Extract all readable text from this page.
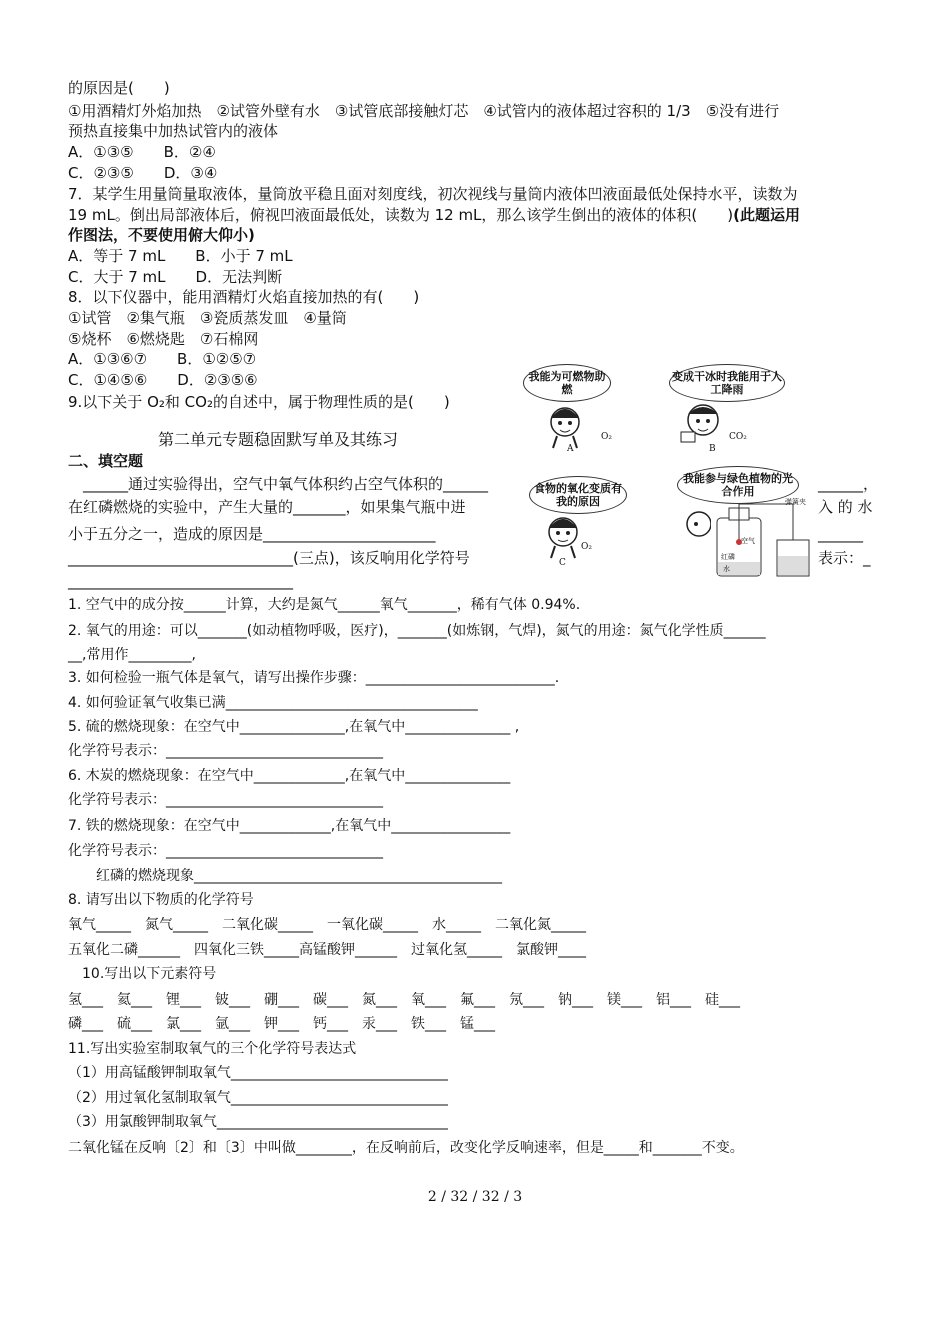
的原因是(　　)
①用酒精灯外焰加热　②试管外壁有水　③试管底部接触灯芯　④试管内的液体超过容积的 1/3　⑤没有进行
预热直接集中加热试管内的液体
A．①③⑤　　B．②④
C．②③⑤　　D．③④
7．某学生用量筒量取液体，量筒放平稳且面对刻度线，初次视线与量筒内液体凹液面最低处保持水平，读数为
19 mL。倒出局部液体后，俯视凹液面最低处，读数为 12 mL，那么该学生倒出的液体的体积(　　)(此题运用
作图法，不要使用俯大仰小)
A．等于 7 mL　　B．小于 7 mL
C．大于 7 mL　　D．无法判断
8．以下仪器中，能用酒精灯火焰直接加热的有(　　)
①试管　②集气瓶　③瓷质蒸发皿　④量筒
⑤烧杯　⑥燃烧匙　⑦石棉网
A．①③⑥⑦　　B．①②⑤⑦
C．①④⑤⑥　　D．②③⑤⑥
9.以下关于 O₂和 CO₂的自述中，属于物理性质的是(　　)
第二单元专题稳固默写单及其练习
二、填空题
　______通过实验得出，空气中氧气体积约占空气体积的______
在红磷燃烧的实验中，产生大量的_______，如果集气瓶中进
小于五分之一，造成的原因是_______________________
______________________________(三点)，该反响用化学符号
______________________________
______，
入 的 水
______
表示：_
我能为可燃物助燃
变成干冰时我能用于人工降雨
食物的氧化变质有我的原因
我能参与绿色植物的光合作用
A
O₂
B
CO₂
C
O₂
弹簧夹
空气
红磷
水
1. 空气中的成分按______计算，大约是氮气______氧气_______，稀有气体 0.94%.
2. 氧气的用途：可以_______(如动植物呼吸，医疗)，_______(如炼钢，气焊)，氮气的用途：氮气化学性质______
__,常用作_________,
3. 如何检验一瓶气体是氧气，请写出操作步骤：___________________________.
4. 如何验证氧气收集已满____________________________________
5. 硫的燃烧现象：在空气中_______________,在氧气中_______________ ,
化学符号表示：_______________________________
6. 木炭的燃烧现象：在空气中_____________,在氧气中_______________
化学符号表示：_______________________________
7. 铁的燃烧现象：在空气中_____________,在氧气中_________________
化学符号表示：_______________________________
　　红磷的燃烧现象____________________________________________
8. 请写出以下物质的化学符号
氧气_____　氮气_____　二氧化碳_____　一氧化碳_____　水_____　二氧化氮_____
五氧化二磷______　四氧化三铁_____高锰酸钾______　过氧化氢_____　氯酸钾____
　10.写出以下元素符号
氢___　氦___　锂___　铍___　硼___　碳___　氮___　氧___　氟___　氖___　钠___　镁___　铝___　硅___
磷___　硫___　氯___　氩___　钾___　钙___　汞___　铁___　锰___
11.写出实验室制取氧气的三个化学符号表达式
（1）用高锰酸钾制取氧气_______________________________
（2）用过氧化氢制取氧气_______________________________
（3）用氯酸钾制取氧气_________________________________
二氧化锰在反响〔2〕和〔3〕中叫做________，在反响前后，改变化学反响速率，但是_____和_______不变。
2 / 32 / 32 / 3
